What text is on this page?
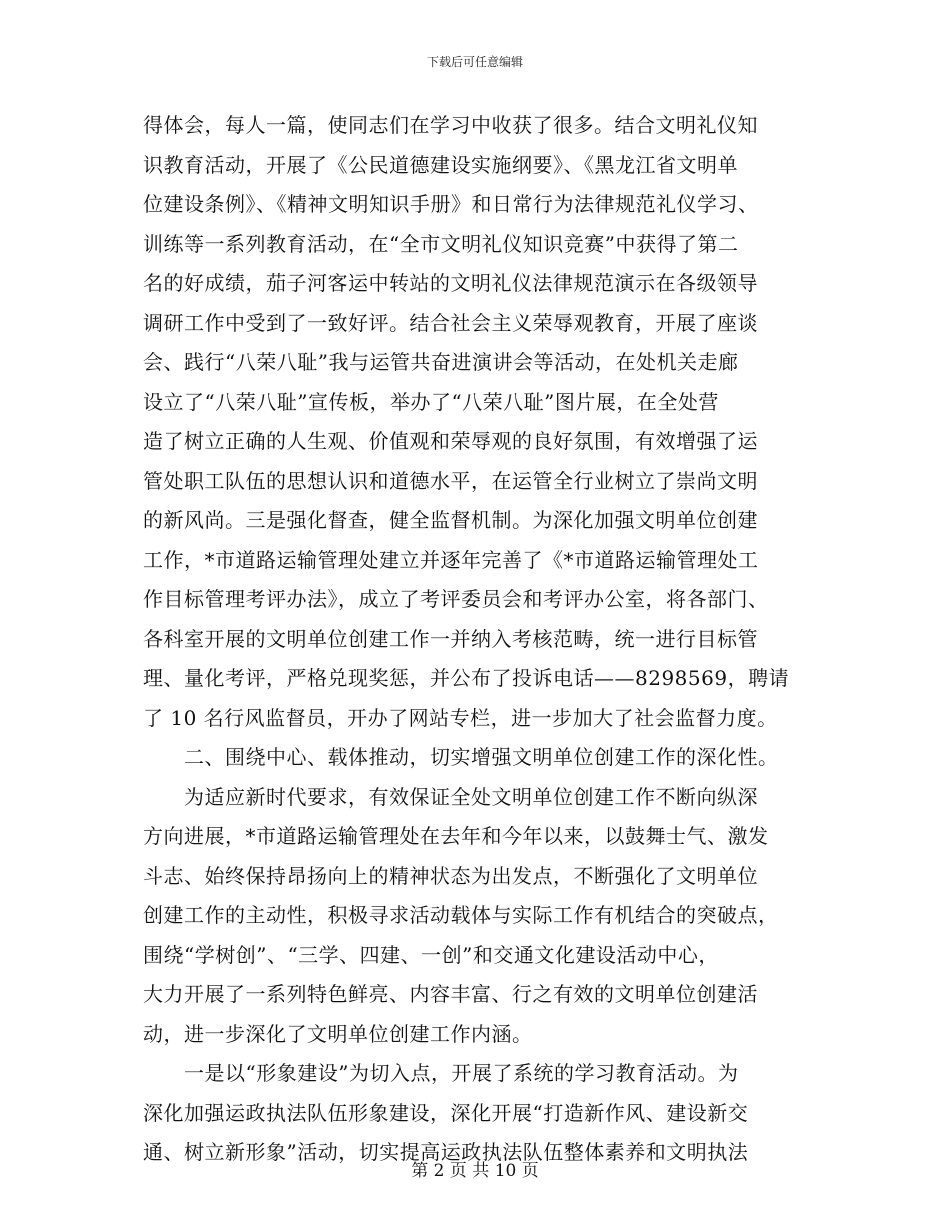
下载后可任意编辑
得体会，每人一篇，使同志们在学习中收获了很多。结合文明礼仪知
识教育活动，开展了《公民道德建设实施纲要》、《黑龙江省文明单
位建设条例》、《精神文明知识手册》和日常行为法律规范礼仪学习、
训练等一系列教育活动，在“全市文明礼仪知识竞赛”中获得了第二
名的好成绩，茄子河客运中转站的文明礼仪法律规范演示在各级领导
调研工作中受到了一致好评。结合社会主义荣辱观教育，开展了座谈
会、践行“八荣八耻”我与运管共奋进演讲会等活动，在处机关走廊
设立了“八荣八耻”宣传板，举办了“八荣八耻”图片展，在全处营
造了树立正确的人生观、价值观和荣辱观的良好氛围，有效增强了运
管处职工队伍的思想认识和道德水平，在运管全行业树立了崇尚文明
的新风尚。三是强化督查，健全监督机制。为深化加强文明单位创建
工作，*市道路运输管理处建立并逐年完善了《*市道路运输管理处工
作目标管理考评办法》，成立了考评委员会和考评办公室，将各部门、
各科室开展的文明单位创建工作一并纳入考核范畴，统一进行目标管
理、量化考评，严格兑现奖惩，并公布了投诉电话——8298569，聘请
了 10 名行风监督员，开办了网站专栏，进一步加大了社会监督力度。
　　二、围绕中心、载体推动，切实增强文明单位创建工作的深化性。
　　为适应新时代要求，有效保证全处文明单位创建工作不断向纵深
方向进展，*市道路运输管理处在去年和今年以来，以鼓舞士气、激发
斗志、始终保持昂扬向上的精神状态为出发点，不断强化了文明单位
创建工作的主动性，积极寻求活动载体与实际工作有机结合的突破点，
围绕“学树创”、“三学、四建、一创”和交通文化建设活动中心，
大力开展了一系列特色鲜亮、内容丰富、行之有效的文明单位创建活
动，进一步深化了文明单位创建工作内涵。
　　一是以“形象建设”为切入点，开展了系统的学习教育活动。为
深化加强运政执法队伍形象建设，深化开展“打造新作风、建设新交
通、树立新形象”活动，切实提高运政执法队伍整体素养和文明执法
第 2 页 共 10 页
